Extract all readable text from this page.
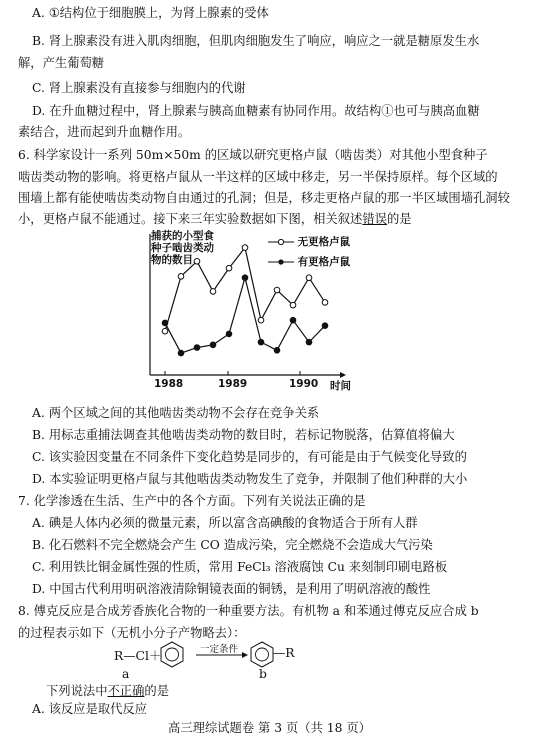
A. ①结构位于细胞膜上，为肾上腺素的受体
B. 肾上腺素没有进入肌肉细胞，但肌肉细胞发生了响应，响应之一就是糖原发生水
解，产生葡萄糖
C. 肾上腺素没有直接参与细胞内的代谢
D. 在升血糖过程中，肾上腺素与胰高血糖素有协同作用。故结构①也可与胰高血糖
素结合，进而起到升血糖作用。
6. 科学家设计一系列 50m×50m 的区域以研究更格卢鼠（啮齿类）对其他小型食种子
啮齿类动物的影响。将更格卢鼠从一半这样的区域中移走，另一半保持原样。每个区域的
围墙上都有能使啮齿类动物自由通过的孔洞；但是，移走更格卢鼠的那一半区域围墙孔洞较
小，更格卢鼠不能通过。接下来三年实验数据如下图，相关叙述错误的是
捕获的小型食种子啮齿类动物的数目
时间
1988	1989	1990
无更格卢鼠
有更格卢鼠
A. 两个区域之间的其他啮齿类动物不会存在竞争关系
B. 用标志重捕法调查其他啮齿类动物的数目时，若标记物脱落，估算值将偏大
C. 该实验因变量在不同条件下变化趋势是同步的，有可能是由于气候变化导致的
D. 本实验证明更格卢鼠与其他啮齿类动物发生了竞争，并限制了他们种群的大小
7. 化学渗透在生活、生产中的各个方面。下列有关说法正确的是
A. 碘是人体内必须的微量元素，所以富含高碘酸的食物适合于所有人群
B. 化石燃料不完全燃烧会产生 CO 造成污染，完全燃烧不会造成大气污染
C. 利用铁比铜金属性强的性质，常用 FeCl₃ 溶液腐蚀 Cu 来刻制印刷电路板
D. 中国古代利用明矾溶液清除铜镜表面的铜锈，是利用了明矾溶液的酸性
8. 傅克反应是合成芳香族化合物的一种重要方法。有机物 a 和苯通过傅克反应合成 b
的过程表示如下（无机小分子产物略去）：
R—Cl＋	一定条件	—R
a	b
下列说法中不正确的是
A. 该反应是取代反应
高三理综试题卷 第 3 页（共 18 页）
